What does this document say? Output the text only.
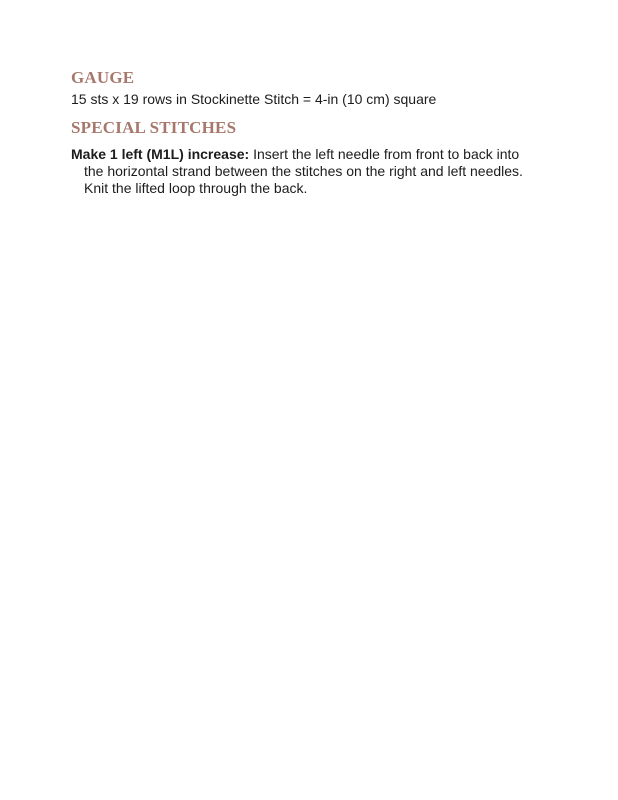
GAUGE

15 sts x 19 rows in Stockinette Stitch = 4-in (10 cm) square

SPECIAL STITCHES

Make 1 left (M1L) increase: Insert the left needle from front to back into
the horizontal strand between the stitches on the right and left needles.
Knit the lifted loop through the back.
